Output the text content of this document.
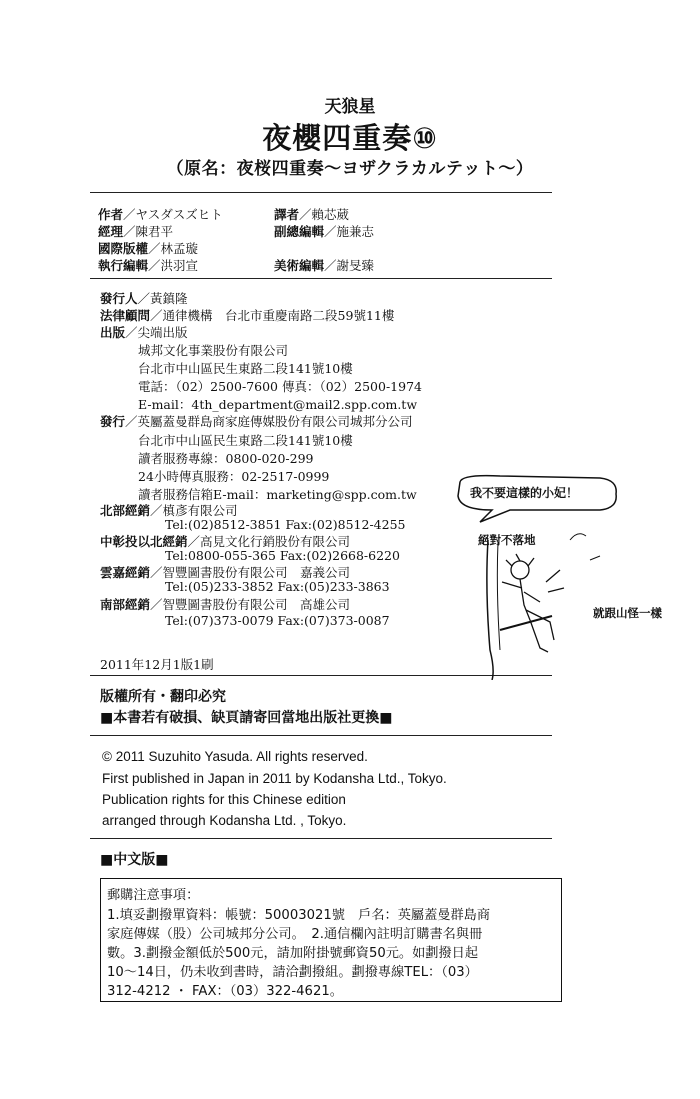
天狼星
夜櫻四重奏⑩
（原名：夜桜四重奏～ヨザクラカルテット～）
作者／ヤスダスズヒト
經理／陳君平
國際版權／林孟璇
執行編輯／洪羽宣
譯者／賴芯葳
副總編輯／施兼志
美術編輯／謝旻臻
發行人／黃鎮隆
法律顧問／通律機構　台北市重慶南路二段59號11樓
出版／尖端出版
城邦文化事業股份有限公司
台北市中山區民生東路二段141號10樓
電話：（02）2500-7600 傳真：（02）2500-1974
E-mail：4th_department@mail2.spp.com.tw
發行／英屬蓋曼群島商家庭傳媒股份有限公司城邦分公司
台北市中山區民生東路二段141號10樓
讀者服務專線：0800-020-299
24小時傳真服務：02-2517-0999
讀者服務信箱E-mail：marketing@spp.com.tw
北部經銷／槙彥有限公司
Tel:(02)8512-3851 Fax:(02)8512-4255
中彰投以北經銷／高見文化行銷股份有限公司
Tel:0800-055-365 Fax:(02)2668-6220
雲嘉經銷／智豐圖書股份有限公司　嘉義公司
Tel:(05)233-3852 Fax:(05)233-3863
南部經銷／智豐圖書股份有限公司　高雄公司
Tel:(07)373-0079 Fax:(07)373-0087
2011年12月1版1刷
版權所有・翻印必究
■本書若有破損、缺頁請寄回當地出版社更換■
© 2011 Suzuhito Yasuda. All rights reserved.
First published in Japan in 2011 by Kodansha Ltd., Tokyo.
Publication rights for this Chinese edition
arranged through Kodansha Ltd. , Tokyo.
■中文版■
郵購注意事項：
1.填妥劃撥單資料：帳號：50003021號　戶名：英屬蓋曼群島商
家庭傳媒（股）公司城邦分公司。　2.通信欄內註明訂購書名與冊
數。3.劃撥金額低於500元，請加附掛號郵資50元。如劃撥日起
10～14日，仍未收到書時，請洽劃撥組。劃撥專線TEL：（03）
312-4212 ・ FAX：（03）322-4621。
我不要這樣的小妃！
絕對不落地
就跟山怪一樣
